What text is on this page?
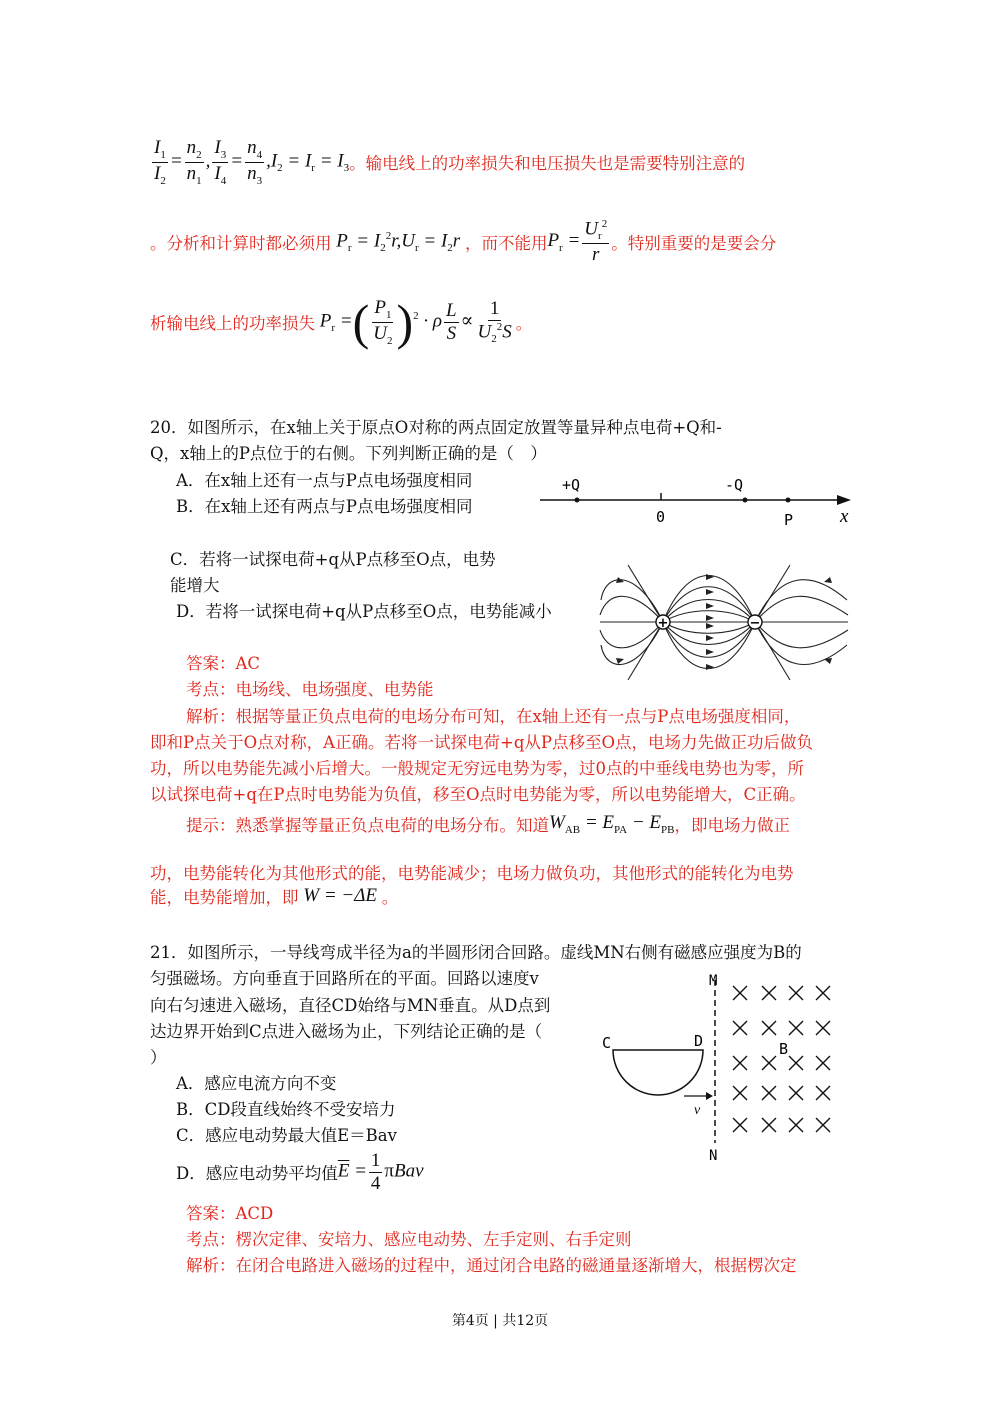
$\frac{I_1}{I_2} = \frac{n_2}{n_1}$ , $\frac{I_3}{I_4} = \frac{n_4}{n_3} ,I_2 = I_r = I_3$ 。输电线上的功率损失和电压损失也是需要特别注意的
。分析和计算时都必须用 $P_r = I_2^2r,U_r = I_2r$ ，而不能用 $P_r = \frac{U_r^2}{r}$ 。特别重要的是要会分
析输电线上的功率损失 $P_r$ =( $\frac{P_1}{U_2} )^2 \cdot \rho \frac{L}{S} \propto \frac{1}{U_2^2S}$ 。
20．如图所示，在x轴上关于原点O对称的两点固定放置等量异种点电荷+Q和-
Q，x轴上的P点位于的右侧。下列判断正确的是（　）
A．在x轴上还有一点与P点电场强度相同
B．在x轴上还有两点与P点电场强度相同
+Q	-Q
0	P x
C．若将一试探电荷+q从P点移至O点，电势
能增大
D．若将一试探电荷+q从P点移至O点，电势能减小
+	−
答案：AC
考点：电场线、电场强度、电势能
解析：根据等量正负点电荷的电场分布可知，在x轴上还有一点与P点电场强度相同，
即和P点关于O点对称，A正确。若将一试探电荷+q从P点移至O点，电场力先做正功后做负
功，所以电势能先减小后增大。一般规定无穷远电势为零，过0点的中垂线电势也为零，所
以试探电荷+q在P点时电势能为负值，移至O点时电势能为零，所以电势能增大，C正确。
提示：熟悉掌握等量正负点电荷的电场分布。知道 $W_{AB} = E_{PA} - E_{PB}$ ，即电场力做正
功，电势能转化为其他形式的能，电势能减少；电场力做负功，其他形式的能转化为电势
能，电势能增加，即 W = −ΔE 。
21．如图所示，一导线弯成半径为a的半圆形闭合回路。虚线MN右侧有磁感应强度为B的
匀强磁场。方向垂直于回路所在的平面。回路以速度v
向右匀速进入磁场，直径CD始络与MN垂直。从D点到
达边界开始到C点进入磁场为止，下列结论正确的是（
）
A．感应电流方向不变
B．CD段直线始终不受安培力
C．感应电动势最大值E＝Bav
D．感应电动势平均值 $\overline{E} = \frac{1}{4}$ πBav
M
N
C	D
v
B
答案：ACD
考点：楞次定律、安培力、感应电动势、左手定则、右手定则
解析：在闭合电路进入磁场的过程中，通过闭合电路的磁通量逐渐增大，根据楞次定
第4页 | 共12页
